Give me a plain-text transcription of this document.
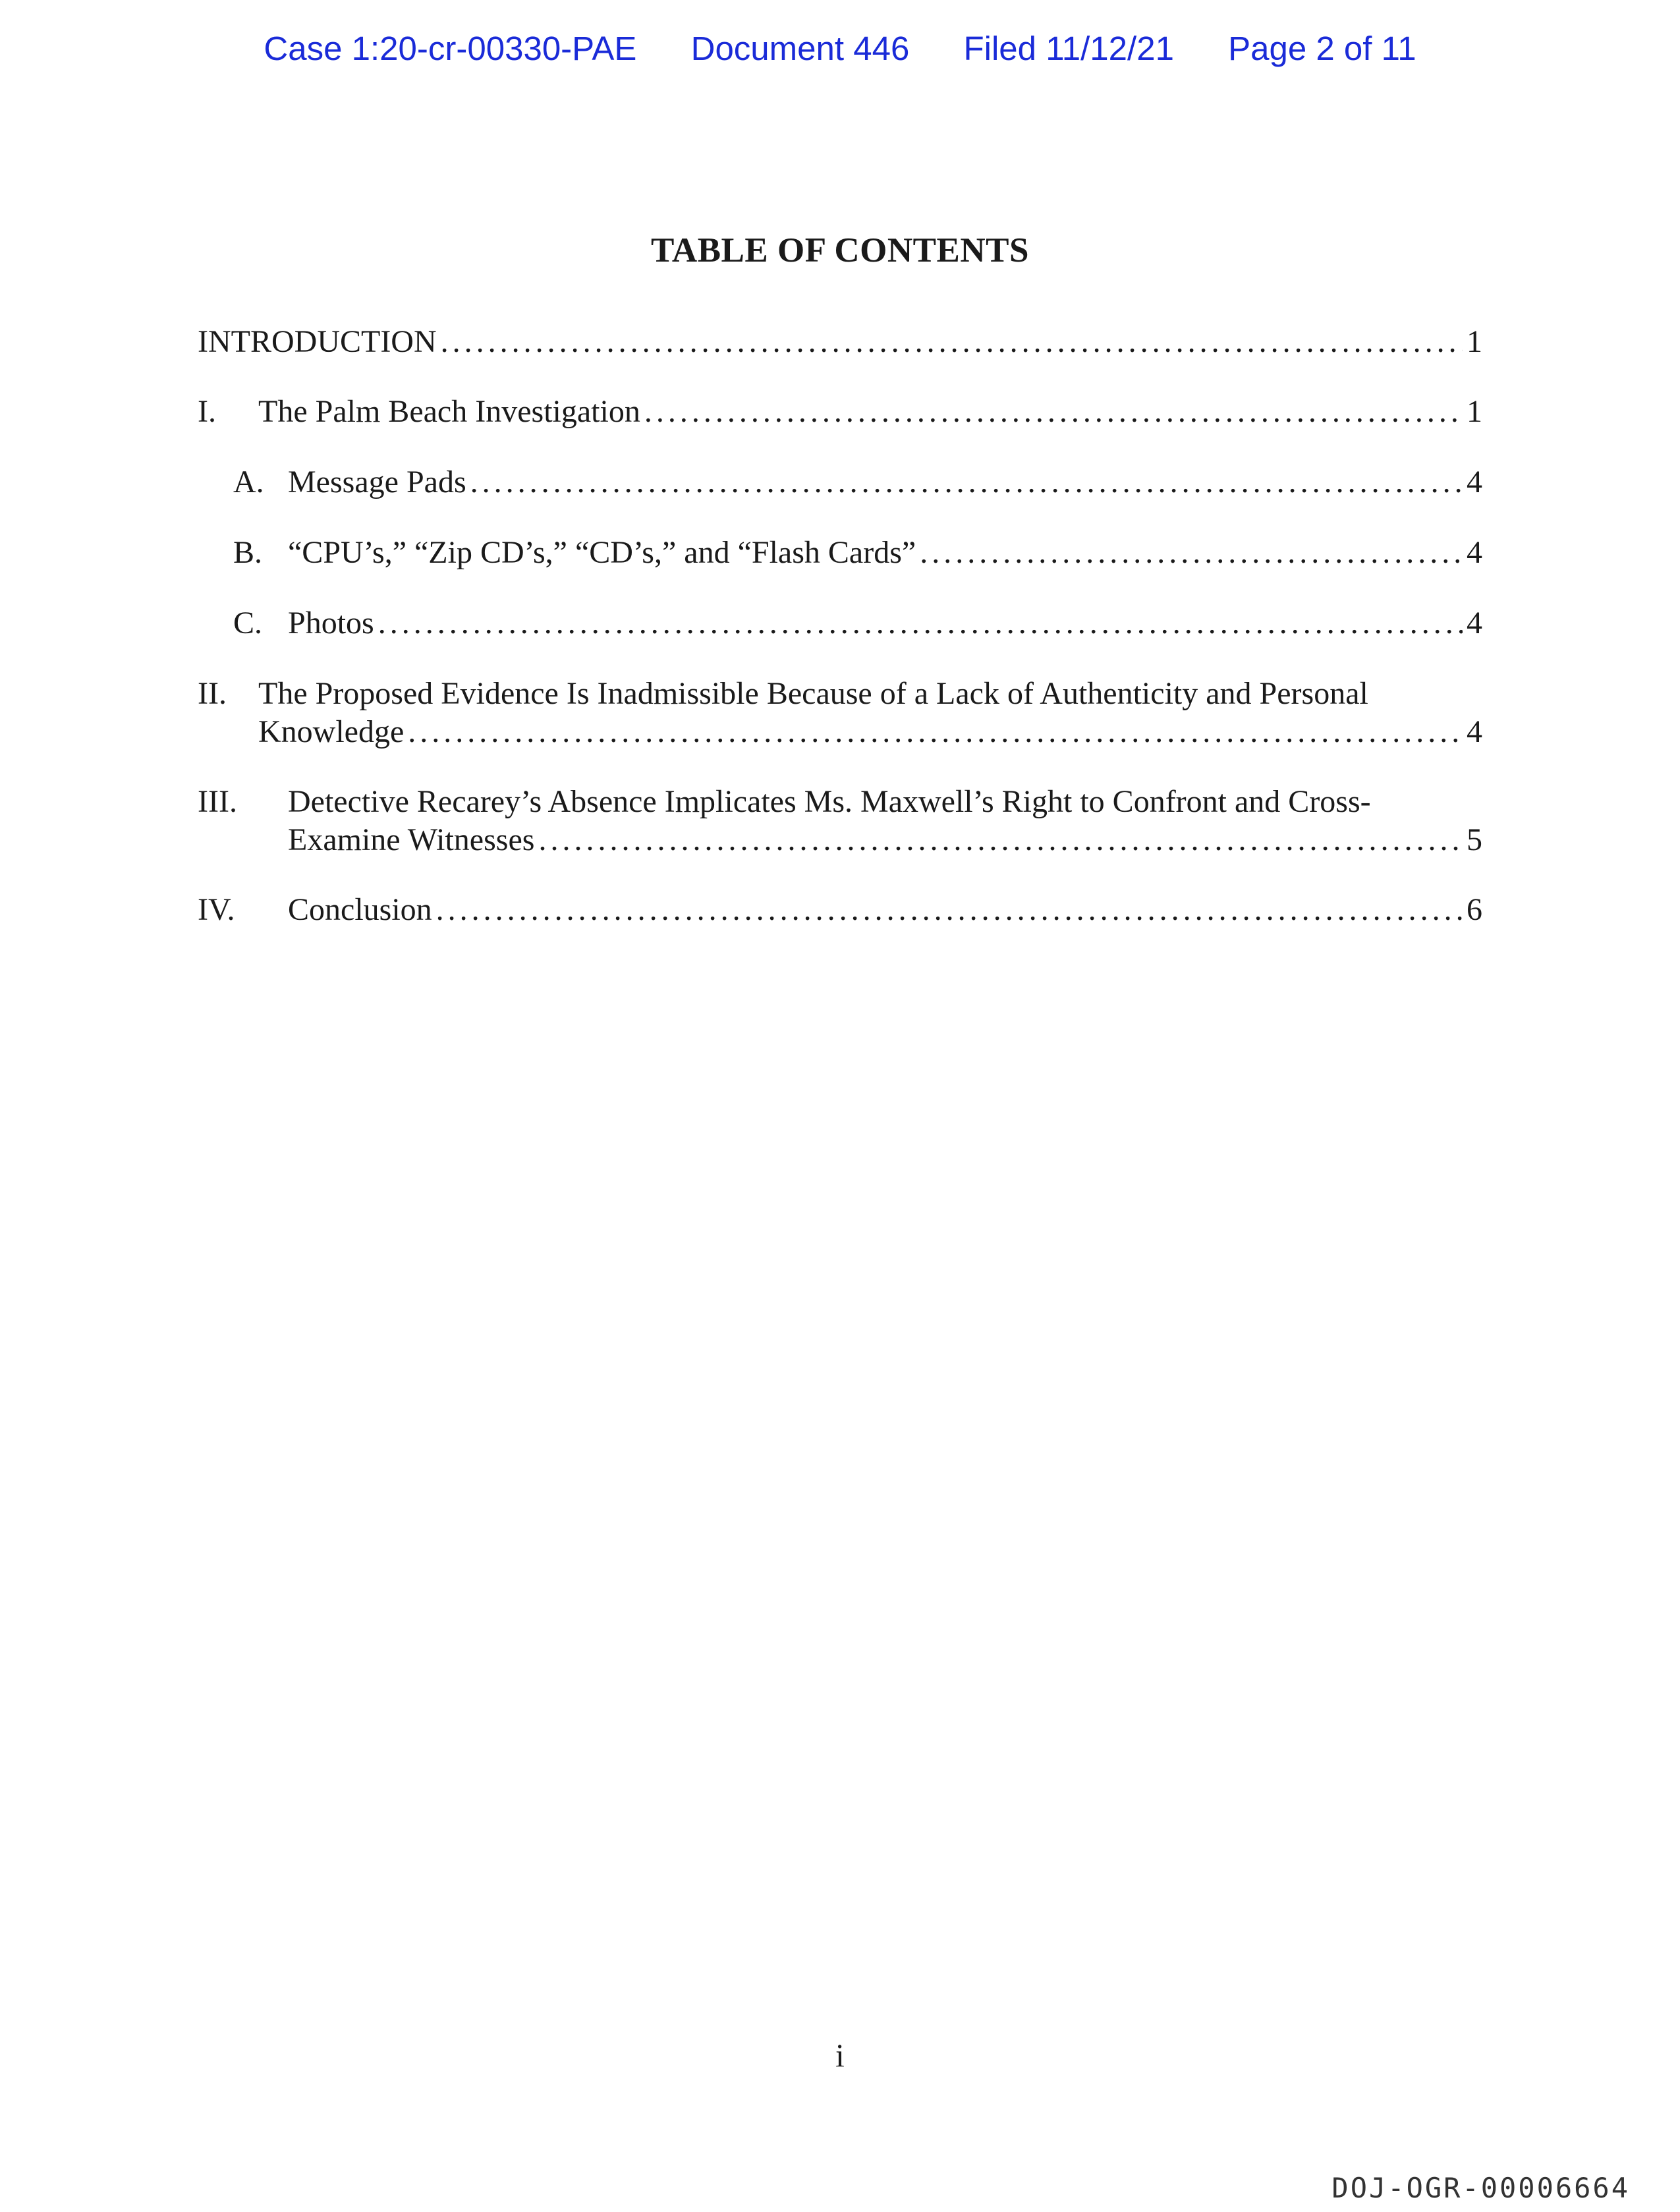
Case 1:20-cr-00330-PAE Document 446 Filed 11/12/21 Page 2 of 11
TABLE OF CONTENTS
INTRODUCTION . . .	1
I. The Palm Beach Investigation . . .	1
A. Message Pads . . .	4
B. “CPU’s,” “Zip CD’s,” “CD’s,” and “Flash Cards” . . .	4
C. Photos . . .	4
II. The Proposed Evidence Is Inadmissible Because of a Lack of Authenticity and Personal
Knowledge . . .	4
III. Detective Recarey’s Absence Implicates Ms. Maxwell’s Right to Confront and Cross-
Examine Witnesses . . .	5
IV. Conclusion . . .	6
i
DOJ-OGR-00006664
